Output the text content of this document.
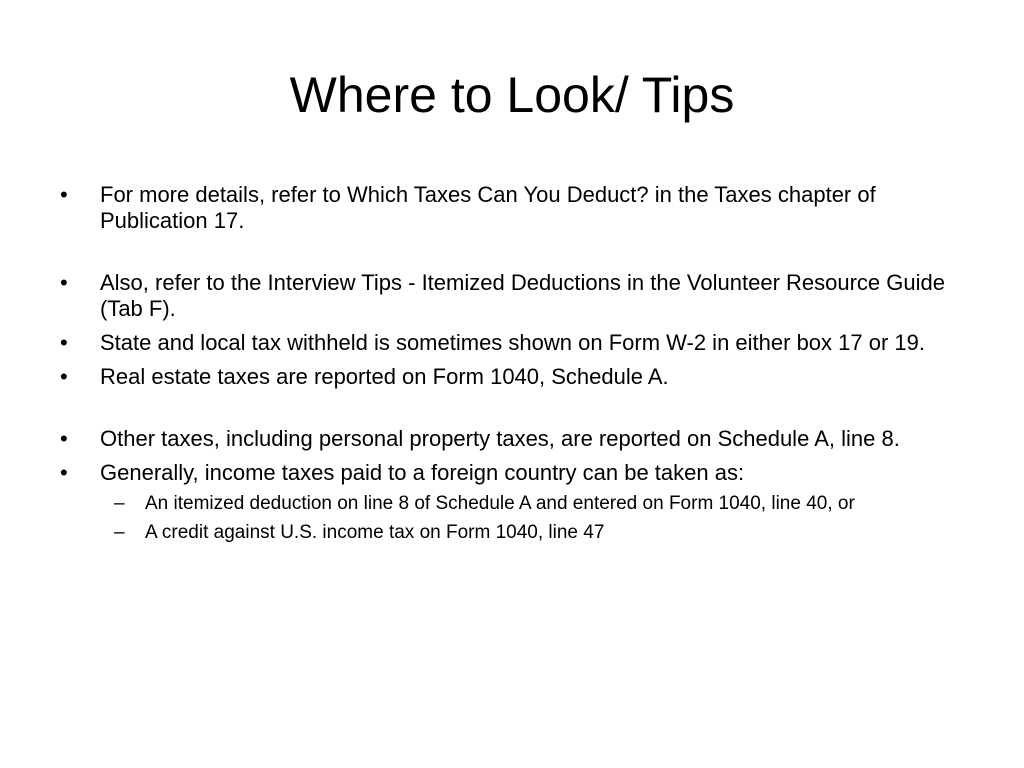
Where to Look/ Tips
•	For more details, refer to Which Taxes Can You Deduct? in the Taxes chapter of Publication 17.
•	Also, refer to the Interview Tips - Itemized Deductions in the Volunteer Resource Guide (Tab F).
•	State and local tax withheld is sometimes shown on Form W-2 in either box 17 or 19.
•	Real estate taxes are reported on Form 1040, Schedule A.
•	Other taxes, including personal property taxes, are reported on Schedule A, line 8.
•	Generally, income taxes paid to a foreign country can be taken as:
– An itemized deduction on line 8 of Schedule A and entered on Form 1040, line 40, or
– A credit against U.S. income tax on Form 1040, line 47
